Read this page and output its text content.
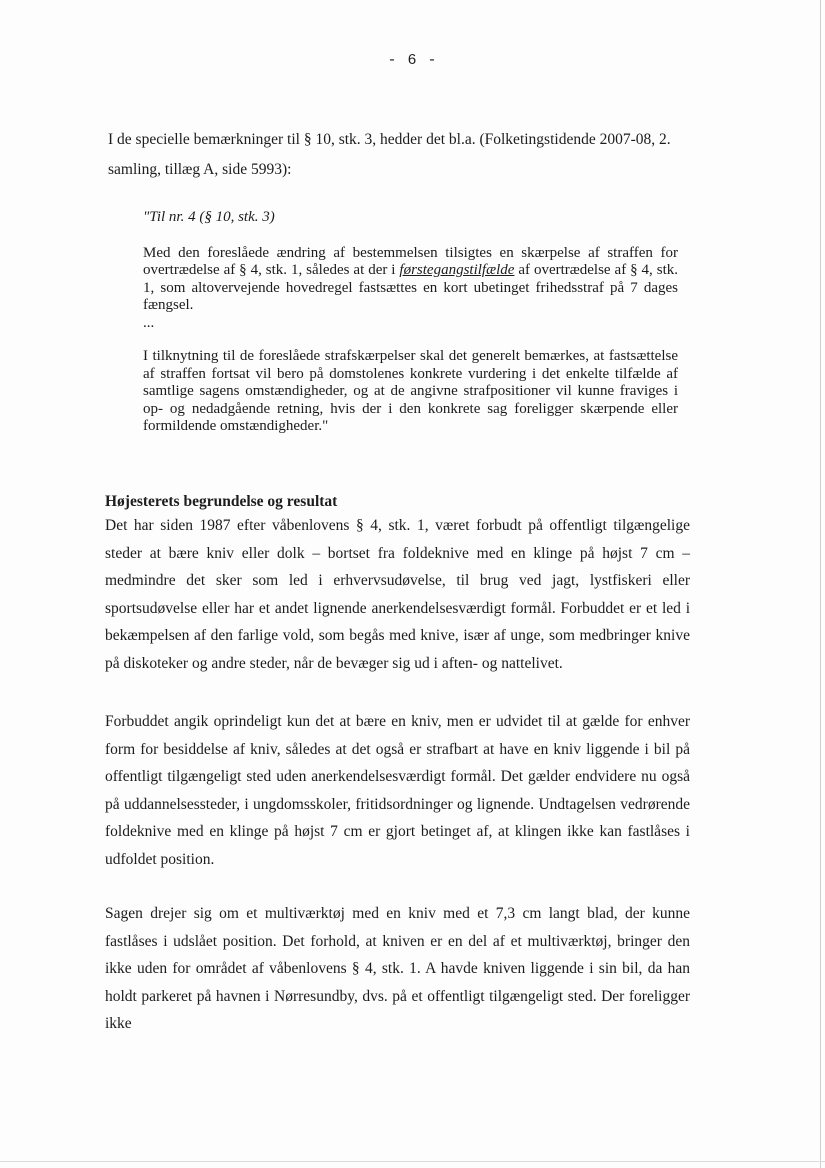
- 6 -
I de specielle bemærkninger til § 10, stk. 3, hedder det bl.a. (Folketingstidende 2007-08, 2. samling, tillæg A, side 5993):
"Til nr. 4 (§ 10, stk. 3)

Med den foreslåede ændring af bestemmelsen tilsigtes en skærpelse af straffen for overtrædelse af § 4, stk. 1, således at der i førstegangstilfælde af overtrædelse af § 4, stk. 1, som altovervejende hovedregel fastsættes en kort ubetinget frihedsstraf på 7 dages fængsel.

...

I tilknytning til de foreslåede strafskærpelser skal det generelt bemærkes, at fastsættelse af straffen fortsat vil bero på domstolenes konkrete vurdering i det enkelte tilfælde af samtlige sagens omstændigheder, og at de angivne strafpositioner vil kunne fraviges i op- og nedadgående retning, hvis der i den konkrete sag foreligger skærpende eller formildende omstændigheder."

Højesterets begrundelse og resultat

Det har siden 1987 efter våbenlovens § 4, stk. 1, været forbudt på offentligt tilgængelige steder at bære kniv eller dolk – bortset fra foldeknive med en klinge på højst 7 cm – medmindre det sker som led i erhvervsudøvelse, til brug ved jagt, lystfiskeri eller sportsudøvelse eller har et andet lignende anerkendelsesværdigt formål. Forbuddet er et led i bekæmpelsen af den farlige vold, som begås med knive, især af unge, som medbringer knive på diskoteker og andre steder, når de bevæger sig ud i aften- og nattelivet.

Forbuddet angik oprindeligt kun det at bære en kniv, men er udvidet til at gælde for enhver form for besiddelse af kniv, således at det også er strafbart at have en kniv liggende i bil på offentligt tilgængeligt sted uden anerkendelsesværdigt formål. Det gælder endvidere nu også på uddannelsessteder, i ungdomsskoler, fritidsordninger og lignende. Undtagelsen vedrørende foldeknive med en klinge på højst 7 cm er gjort betinget af, at klingen ikke kan fastlåses i udfoldet position.

Sagen drejer sig om et multiværktøj med en kniv med et 7,3 cm langt blad, der kunne fastlåses i udslået position. Det forhold, at kniven er en del af et multiværktøj, bringer den ikke uden for området af våbenlovens § 4, stk. 1. A havde kniven liggende i sin bil, da han holdt parkeret på havnen i Nørresundby, dvs. på et offentligt tilgængeligt sted. Der foreligger ikke
